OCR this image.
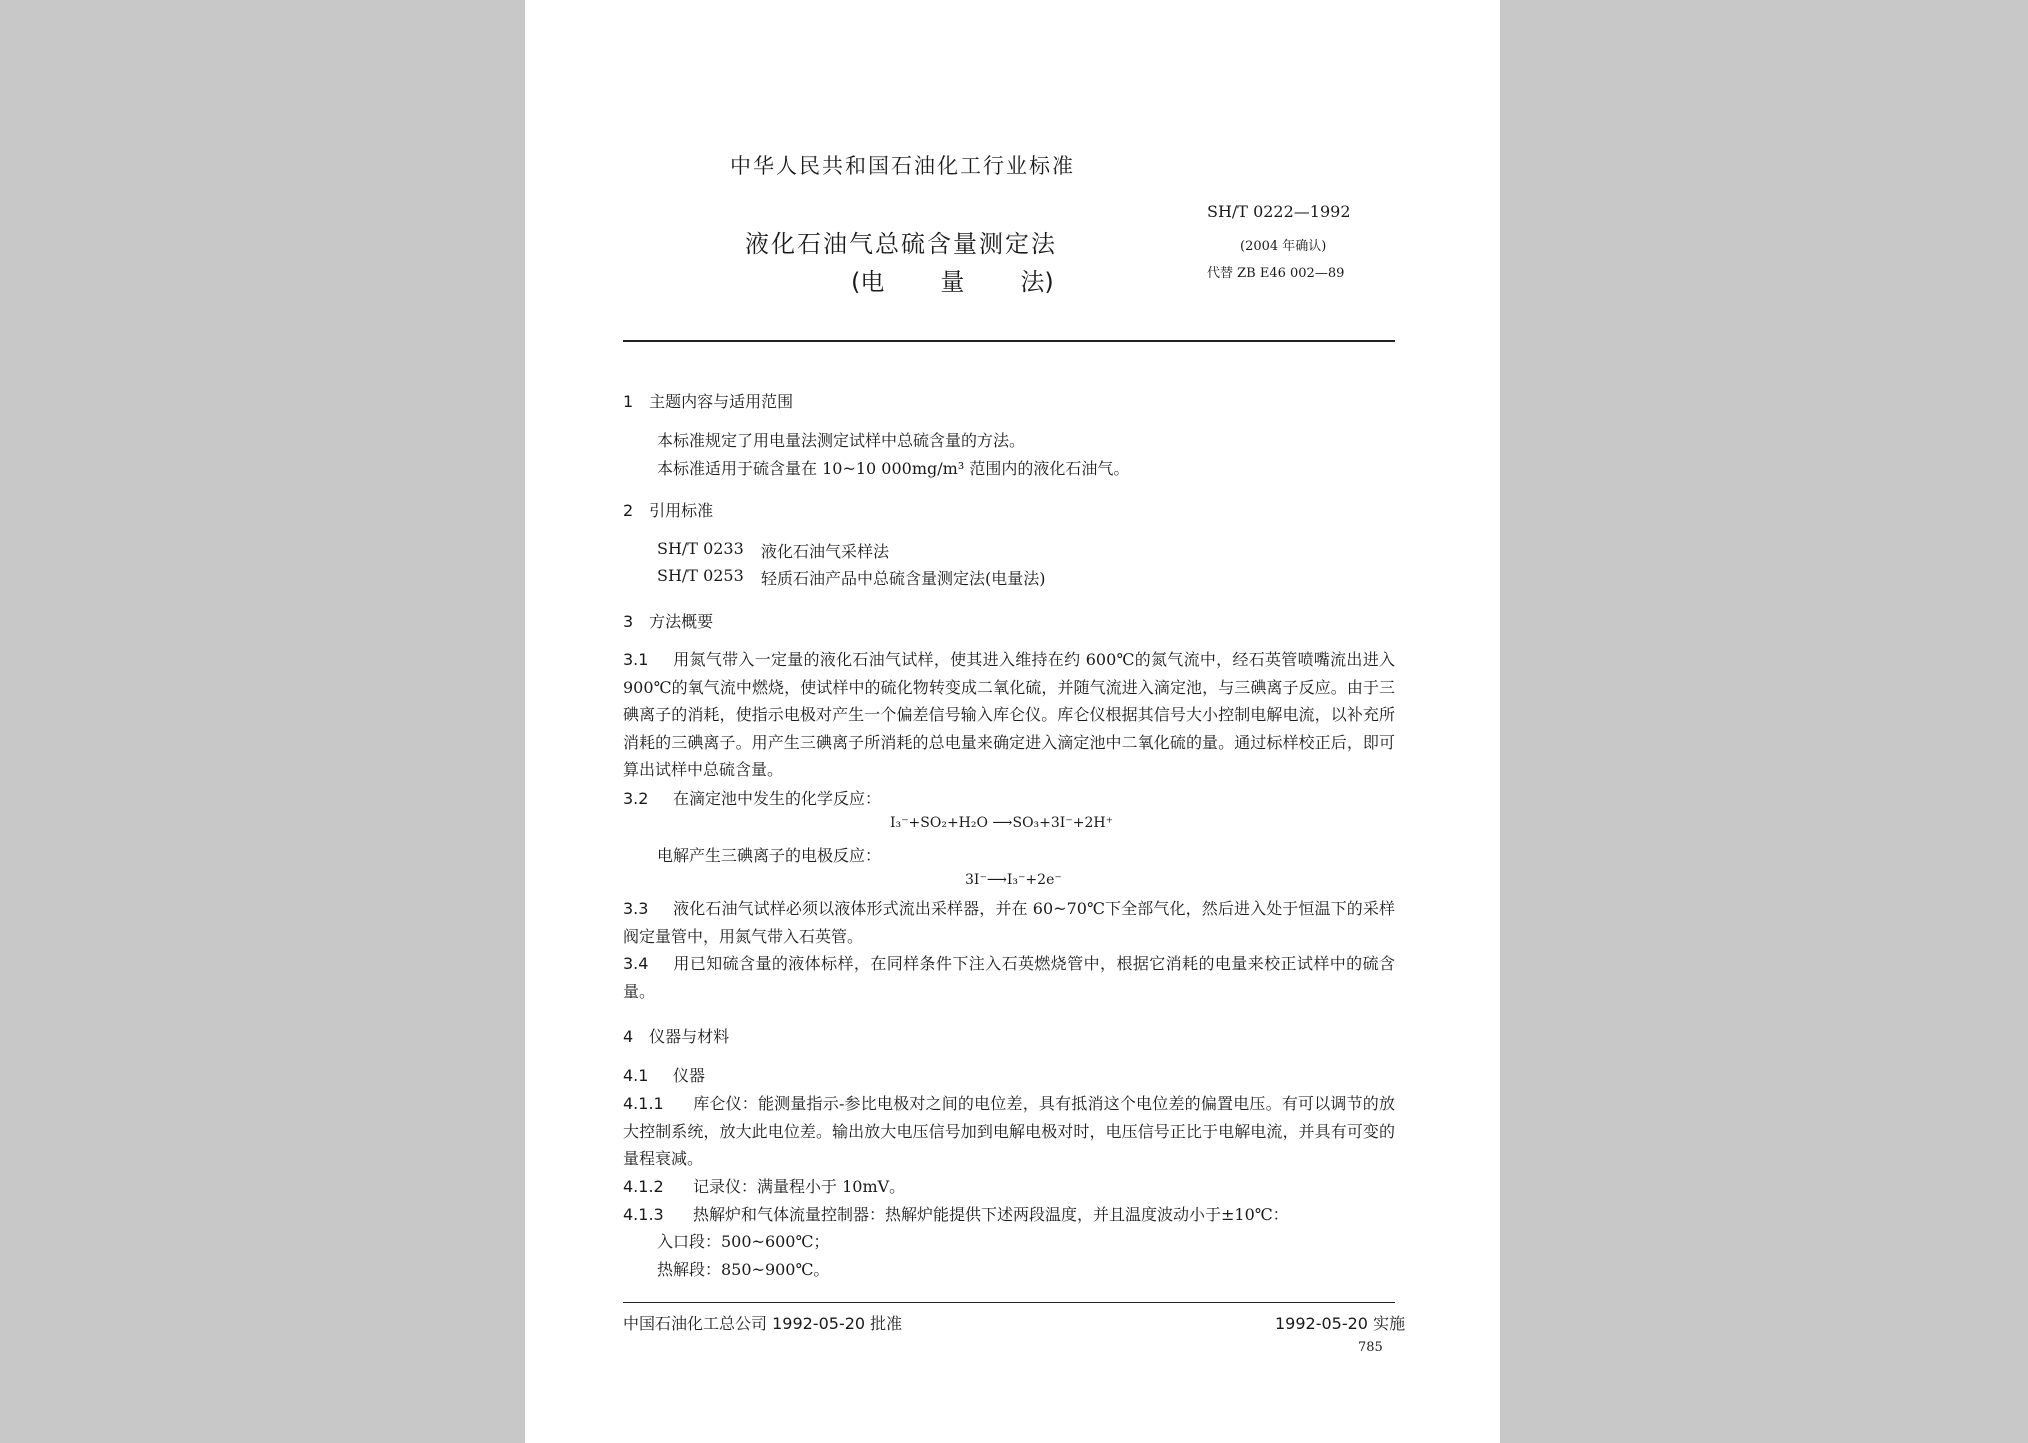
中华人民共和国石油化工行业标准
液化石油气总硫含量测定法
(电 量 法)
SH/T 0222—1992
(2004 年确认)
代替 ZB E46 002—89
1　主题内容与适用范围
本标准规定了用电量法测定试样中总硫含量的方法。
本标准适用于硫含量在 10~10 000mg/m³ 范围内的液化石油气。
2　引用标准
SH/T 0233 液化石油气采样法
SH/T 0253 轻质石油产品中总硫含量测定法(电量法)
3　方法概要
3.1 用氮气带入一定量的液化石油气试样，使其进入维持在约 600℃的氮气流中，经石英管喷嘴流出进入 900℃的氧气流中燃烧，使试样中的硫化物转变成二氧化硫，并随气流进入滴定池，与三碘离子反应。由于三碘离子的消耗，使指示电极对产生一个偏差信号输入库仑仪。库仑仪根据其信号大小控制电解电流，以补充所消耗的三碘离子。用产生三碘离子所消耗的总电量来确定进入滴定池中二氧化硫的量。通过标样校正后，即可算出试样中总硫含量。
3.2 在滴定池中发生的化学反应：
I₃⁻+SO₂+H₂O ⟶SO₃+3I⁻+2H⁺
电解产生三碘离子的电极反应：
3I⁻⟶I₃⁻+2e⁻
3.3 液化石油气试样必须以液体形式流出采样器，并在 60~70℃下全部气化，然后进入处于恒温下的采样阀定量管中，用氮气带入石英管。
3.4 用已知硫含量的液体标样，在同样条件下注入石英燃烧管中，根据它消耗的电量来校正试样中的硫含量。
4　仪器与材料
4.1 仪器
4.1.1 库仑仪：能测量指示-参比电极对之间的电位差，具有抵消这个电位差的偏置电压。有可以调节的放大控制系统，放大此电位差。输出放大电压信号加到电解电极对时，电压信号正比于电解电流，并具有可变的量程衰减。
4.1.2 记录仪：满量程小于 10mV。
4.1.3 热解炉和气体流量控制器：热解炉能提供下述两段温度，并且温度波动小于±10℃：
入口段：500~600℃；
热解段：850~900℃。
中国石油化工总公司 1992-05-20 批准	1992-05-20 实施
785
